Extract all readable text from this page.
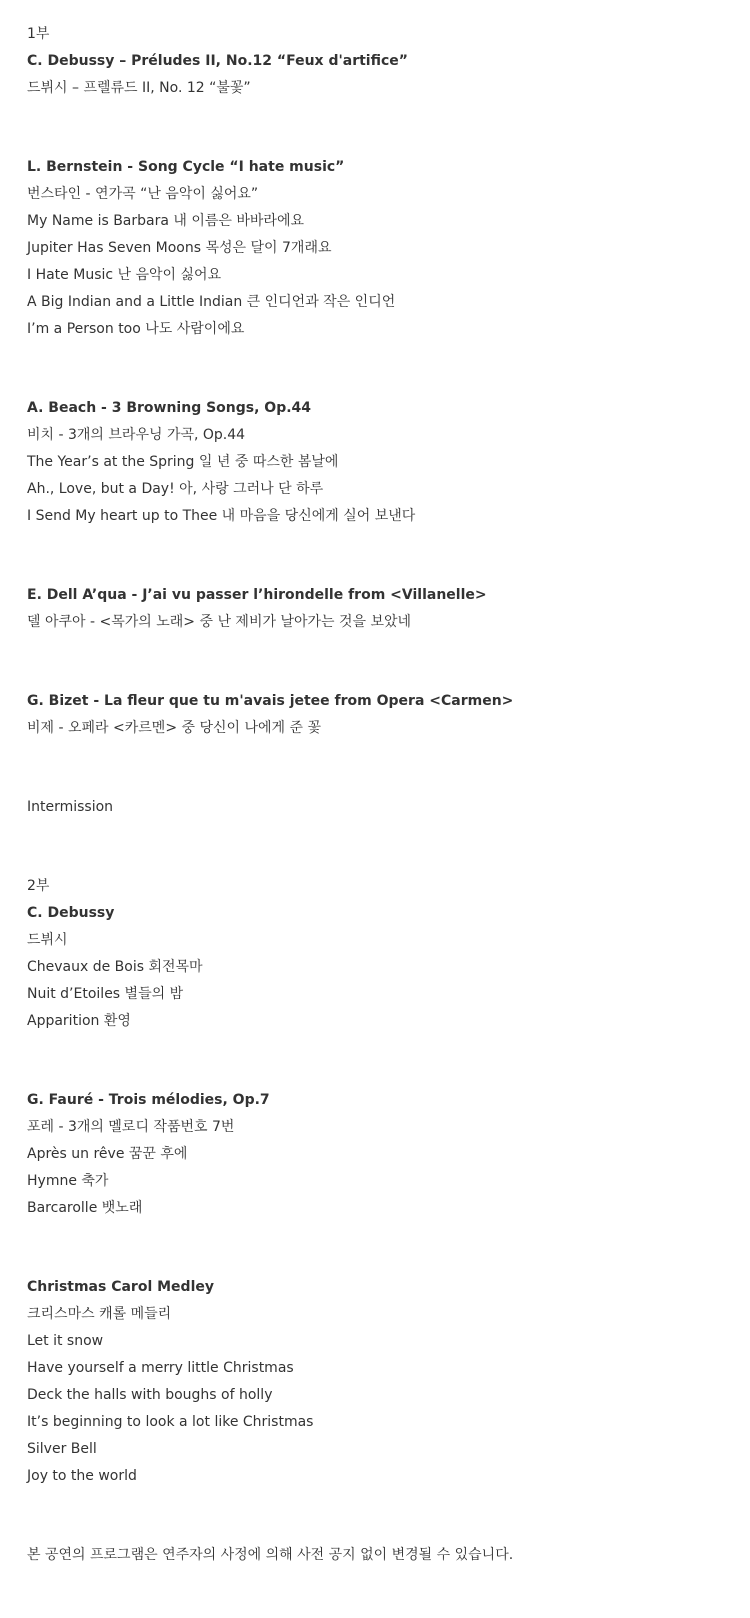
1부
C. Debussy – Préludes II, No.12 “Feux d'artifice”
드뷔시 – 프렐류드 II, No. 12 “불꽃”
L. Bernstein - Song Cycle “I hate music”
번스타인 - 연가곡 “난 음악이 싫어요”
My Name is Barbara 내 이름은 바바라에요
Jupiter Has Seven Moons 목성은 달이 7개래요
I Hate Music 난 음악이 싫어요
A Big Indian and a Little Indian 큰 인디언과 작은 인디언
I’m a Person too 나도 사람이에요
A. Beach - 3 Browning Songs, Op.44
비치 - 3개의 브라우닝 가곡, Op.44
The Year’s at the Spring 일 년 중 따스한 봄날에
Ah., Love, but a Day! 아, 사랑 그러나 단 하루
I Send My heart up to Thee 내 마음을 당신에게 실어 보낸다
E. Dell A’qua - J’ai vu passer l’hirondelle from <Villanelle>
델 아쿠아 - <목가의 노래> 중 난 제비가 날아가는 것을 보았네
G. Bizet - La fleur que tu m'avais jetee from Opera <Carmen>
비제 - 오페라 <카르멘> 중 당신이 나에게 준 꽃
Intermission
2부
C. Debussy
드뷔시
Chevaux de Bois 회전목마
Nuit d’Etoiles 별들의 밤
Apparition 환영
G. Fauré - Trois mélodies, Op.7
포레 - 3개의 멜로디 작품번호 7번
Après un rêve 꿈꾼 후에
Hymne 축가
Barcarolle 뱃노래
Christmas Carol Medley
크리스마스 캐롤 메들리
Let it snow
Have yourself a merry little Christmas
Deck the halls with boughs of holly
It’s beginning to look a lot like Christmas
Silver Bell
Joy to the world
본 공연의 프로그램은 연주자의 사정에 의해 사전 공지 없이 변경될 수 있습니다.
